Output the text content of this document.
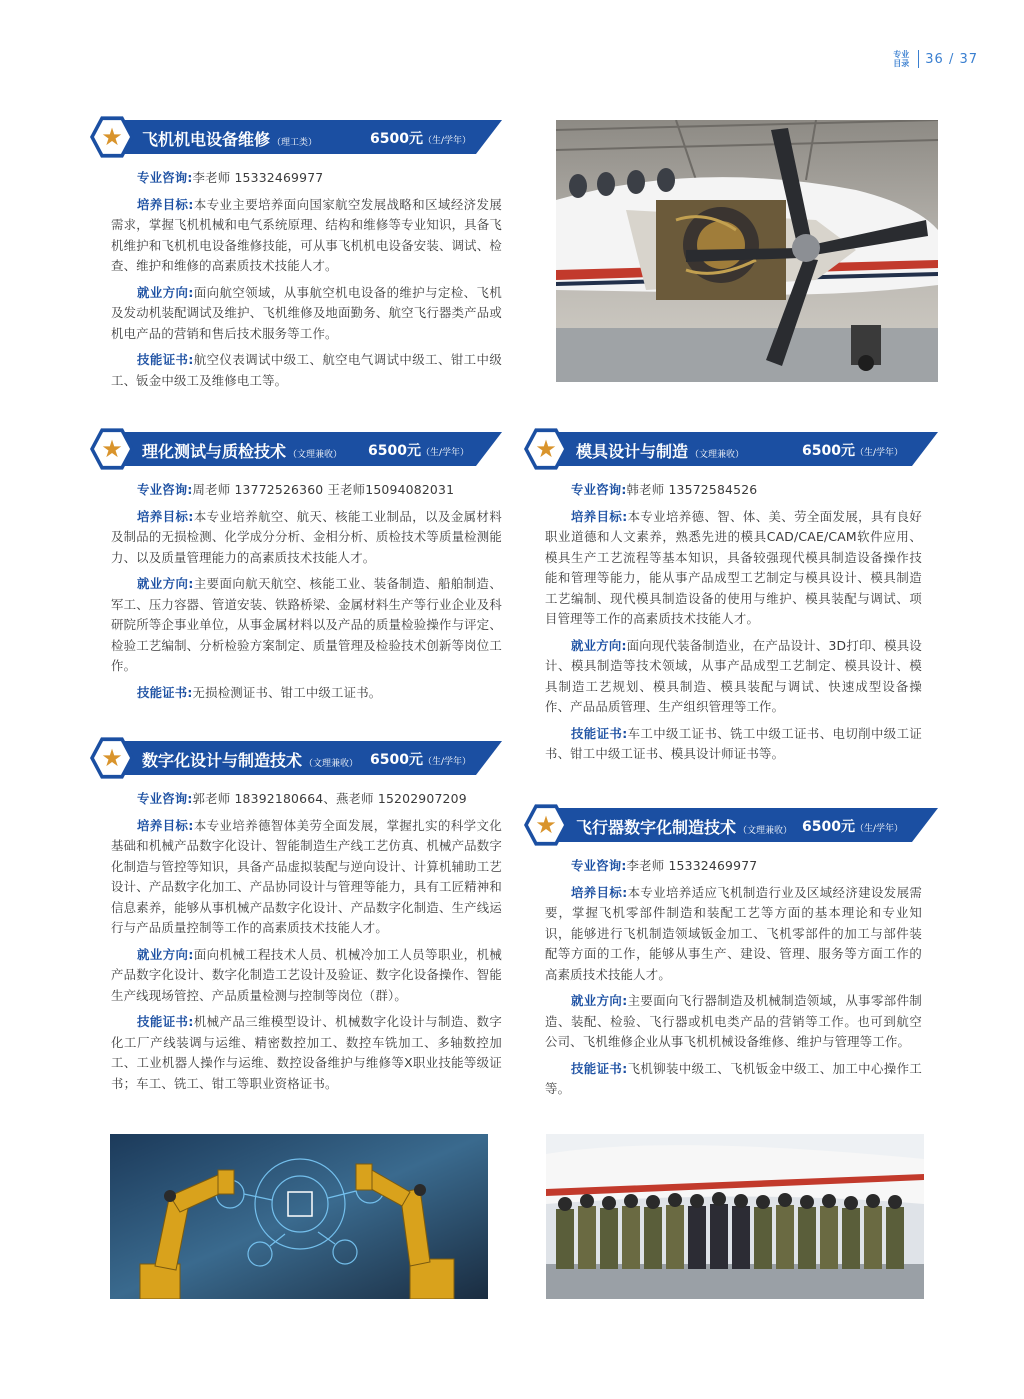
专业
目录 36 / 37
★ 飞机机电设备维修 （理工类）	6500元（生/学年）

专业咨询:李老师 15332469977

培养目标:本专业主要培养面向国家航空发展战略和区域经济发展需求，掌握飞机机械和电气系统原理、结构和维修等专业知识，具备飞机维护和飞机机电设备维修技能，可从事飞机机电设备安装、调试、检查、维护和维修的高素质技术技能人才。

就业方向:面向航空领域，从事航空机电设备的维护与定检、飞机及发动机装配调试及维护、飞机维修及地面勤务、航空飞行器类产品或机电产品的营销和售后技术服务等工作。

技能证书:航空仪表调试中级工、航空电气调试中级工、钳工中级工、钣金中级工及维修电工等。

★ 理化测试与质检技术 （文理兼收） 6500元（生/学年）

专业咨询:周老师 13772526360 王老师15094082031

培养目标:本专业培养航空、航天、核能工业制品，以及金属材料及制品的无损检测、化学成分分析、金相分析、质检技术等质量检测能力、以及质量管理能力的高素质技术技能人才。

就业方向:主要面向航天航空、核能工业、装备制造、船舶制造、军工、压力容器、管道安装、铁路桥梁、金属材料生产等行业企业及科研院所等企事业单位，从事金属材料以及产品的质量检验操作与评定、检验工艺编制、分析检验方案制定、质量管理及检验技术创新等岗位工作。

技能证书:无损检测证书、钳工中级工证书。

★ 数字化设计与制造技术 （文理兼收） 6500元（生/学年）

专业咨询:郭老师 18392180664、燕老师 15202907209

培养目标:本专业培养德智体美劳全面发展，掌握扎实的科学文化基础和机械产品数字化设计、智能制造生产线工艺仿真、机械产品数字化制造与管控等知识，具备产品虚拟装配与逆向设计、计算机辅助工艺设计、产品数字化加工、产品协同设计与管理等能力，具有工匠精神和信息素养，能够从事机械产品数字化设计、产品数字化制造、生产线运行与产品质量控制等工作的高素质技术技能人才。

就业方向:面向机械工程技术人员、机械冷加工人员等职业，机械产品数字化设计、数字化制造工艺设计及验证、数字化设备操作、智能生产线现场管控、产品质量检测与控制等岗位（群）。

技能证书:机械产品三维模型设计、机械数字化设计与制造、数字化工厂产线装调与运维、精密数控加工、数控车铣加工、多轴数控加工、工业机器人操作与运维、数控设备维护与维修等X职业技能等级证书；车工、铣工、钳工等职业资格证书。

★ 模具设计与制造 （文理兼收）	6500元（生/学年）

专业咨询:韩老师 13572584526

培养目标:本专业培养德、智、体、美、劳全面发展，具有良好职业道德和人文素养，熟悉先进的模具CAD/CAE/CAM软件应用、模具生产工艺流程等基本知识，具备较强现代模具制造设备操作技能和管理等能力，能从事产品成型工艺制定与模具设计、模具制造工艺编制、现代模具制造设备的使用与维护、模具装配与调试、项目管理等工作的高素质技术技能人才。

就业方向:面向现代装备制造业，在产品设计、3D打印、模具设计、模具制造等技术领域，从事产品成型工艺制定、模具设计、模具制造工艺规划、模具制造、模具装配与调试、快速成型设备操作、产品品质管理、生产组织管理等工作。

技能证书:车工中级工证书、铣工中级工证书、电切削中级工证书、钳工中级工证书、模具设计师证书等。

★ 飞行器数字化制造技术 （文理兼收） 6500元（生/学年）

专业咨询:李老师 15332469977

培养目标:本专业培养适应飞机制造行业及区域经济建设发展需要，掌握飞机零部件制造和装配工艺等方面的基本理论和专业知识，能够进行飞机制造领域钣金加工、飞机零部件的加工与部件装配等方面的工作，能够从事生产、建设、管理、服务等方面工作的高素质技术技能人才。

就业方向:主要面向飞行器制造及机械制造领域，从事零部件制造、装配、检验、飞行器或机电类产品的营销等工作。也可到航空公司、飞机维修企业从事飞机机械设备维修、维护与管理等工作。

技能证书:飞机铆装中级工、飞机钣金中级工、加工中心操作工等。
